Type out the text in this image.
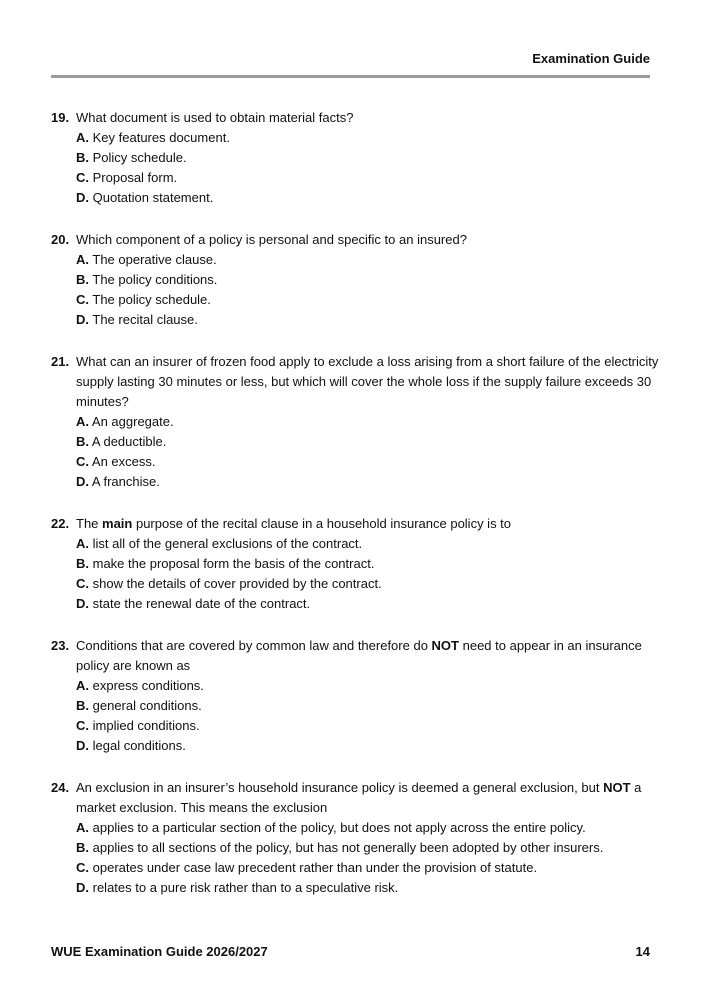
Examination Guide
19. What document is used to obtain material facts?
A. Key features document.
B. Policy schedule.
C. Proposal form.
D. Quotation statement.
20. Which component of a policy is personal and specific to an insured?
A. The operative clause.
B. The policy conditions.
C. The policy schedule.
D. The recital clause.
21. What can an insurer of frozen food apply to exclude a loss arising from a short failure of the electricity supply lasting 30 minutes or less, but which will cover the whole loss if the supply failure exceeds 30 minutes?
A. An aggregate.
B. A deductible.
C. An excess.
D. A franchise.
22. The main purpose of the recital clause in a household insurance policy is to
A. list all of the general exclusions of the contract.
B. make the proposal form the basis of the contract.
C. show the details of cover provided by the contract.
D. state the renewal date of the contract.
23. Conditions that are covered by common law and therefore do NOT need to appear in an insurance policy are known as
A. express conditions.
B. general conditions.
C. implied conditions.
D. legal conditions.
24. An exclusion in an insurer’s household insurance policy is deemed a general exclusion, but NOT a market exclusion. This means the exclusion
A. applies to a particular section of the policy, but does not apply across the entire policy.
B. applies to all sections of the policy, but has not generally been adopted by other insurers.
C. operates under case law precedent rather than under the provision of statute.
D. relates to a pure risk rather than to a speculative risk.
WUE Examination Guide 2026/2027	14
